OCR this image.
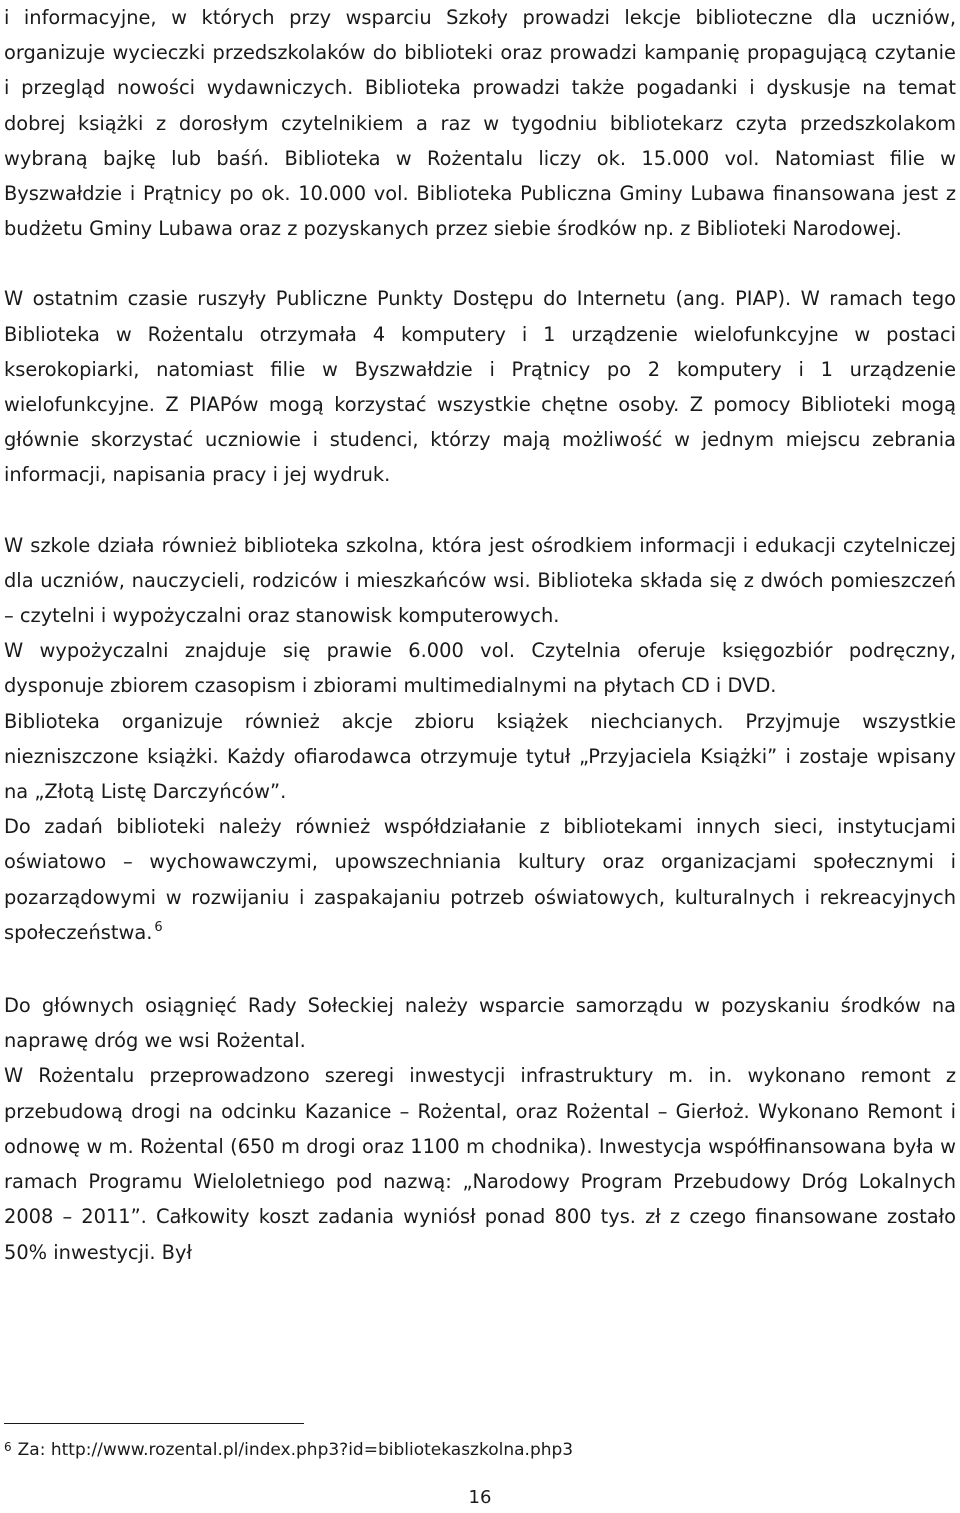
i informacyjne, w których przy wsparciu Szkoły prowadzi lekcje biblioteczne dla uczniów, organizuje wycieczki przedszkolaków do biblioteki oraz prowadzi kampanię propagującą czytanie i przegląd nowości wydawniczych. Biblioteka prowadzi także pogadanki i dyskusje na temat dobrej książki z dorosłym czytelnikiem a raz w tygodniu bibliotekarz czyta przedszkolakom wybraną bajkę lub baśń. Biblioteka w Rożentalu liczy ok. 15.000 vol. Natomiast filie w Byszwałdzie i Prątnicy po ok. 10.000 vol. Biblioteka Publiczna Gminy Lubawa finansowana jest z budżetu Gminy Lubawa oraz z pozyskanych przez siebie środków np. z Biblioteki Narodowej.

W ostatnim czasie ruszyły Publiczne Punkty Dostępu do Internetu (ang. PIAP). W ramach tego Biblioteka w Rożentalu otrzymała 4 komputery i 1 urządzenie wielofunkcyjne w postaci kserokopiarki, natomiast filie w Byszwałdzie i Prątnicy po 2 komputery i 1 urządzenie wielofunkcyjne. Z PIAPów mogą korzystać wszystkie chętne osoby. Z pomocy Biblioteki mogą głównie skorzystać uczniowie i studenci, którzy mają możliwość w jednym miejscu zebrania informacji, napisania pracy i jej wydruk.

W szkole działa również biblioteka szkolna, która jest ośrodkiem informacji i edukacji czytelniczej dla uczniów, nauczycieli, rodziców i mieszkańców wsi. Biblioteka składa się z dwóch pomieszczeń – czytelni i wypożyczalni oraz stanowisk komputerowych.

W wypożyczalni znajduje się prawie 6.000 vol. Czytelnia oferuje księgozbiór podręczny, dysponuje zbiorem czasopism i zbiorami multimedialnymi na płytach CD i DVD.

Biblioteka organizuje również akcje zbioru książek niechcianych. Przyjmuje wszystkie niezniszczone książki. Każdy ofiarodawca otrzymuje tytuł „Przyjaciela Książki” i zostaje wpisany na „Złotą Listę Darczyńców”.

Do zadań biblioteki należy również współdziałanie z bibliotekami innych sieci, instytucjami oświatowo – wychowawczymi, upowszechniania kultury oraz organizacjami społecznymi i pozarządowymi w rozwijaniu i zaspakajaniu potrzeb oświatowych, kulturalnych i rekreacyjnych społeczeństwa. $^6$

Do głównych osiągnięć Rady Sołeckiej należy wsparcie samorządu w pozyskaniu środków na naprawę dróg we wsi Rożental.

W Rożentalu przeprowadzono szeregi inwestycji infrastruktury m. in. wykonano remont z przebudową drogi na odcinku Kazanice – Rożental, oraz Rożental – Gierłoż. Wykonano Remont i odnowę w m. Rożental (650 m drogi oraz 1100 m chodnika). Inwestycja współfinansowana była w ramach Programu Wieloletniego pod nazwą: „Narodowy Program Przebudowy Dróg Lokalnych 2008 – 2011”. Całkowity koszt zadania wyniósł ponad 800 tys. zł z czego finansowane zostało 50% inwestycji. Był

$^6$ Za: http://www.rozental.pl/index.php3?id=bibliotekaszkolna.php3
16
